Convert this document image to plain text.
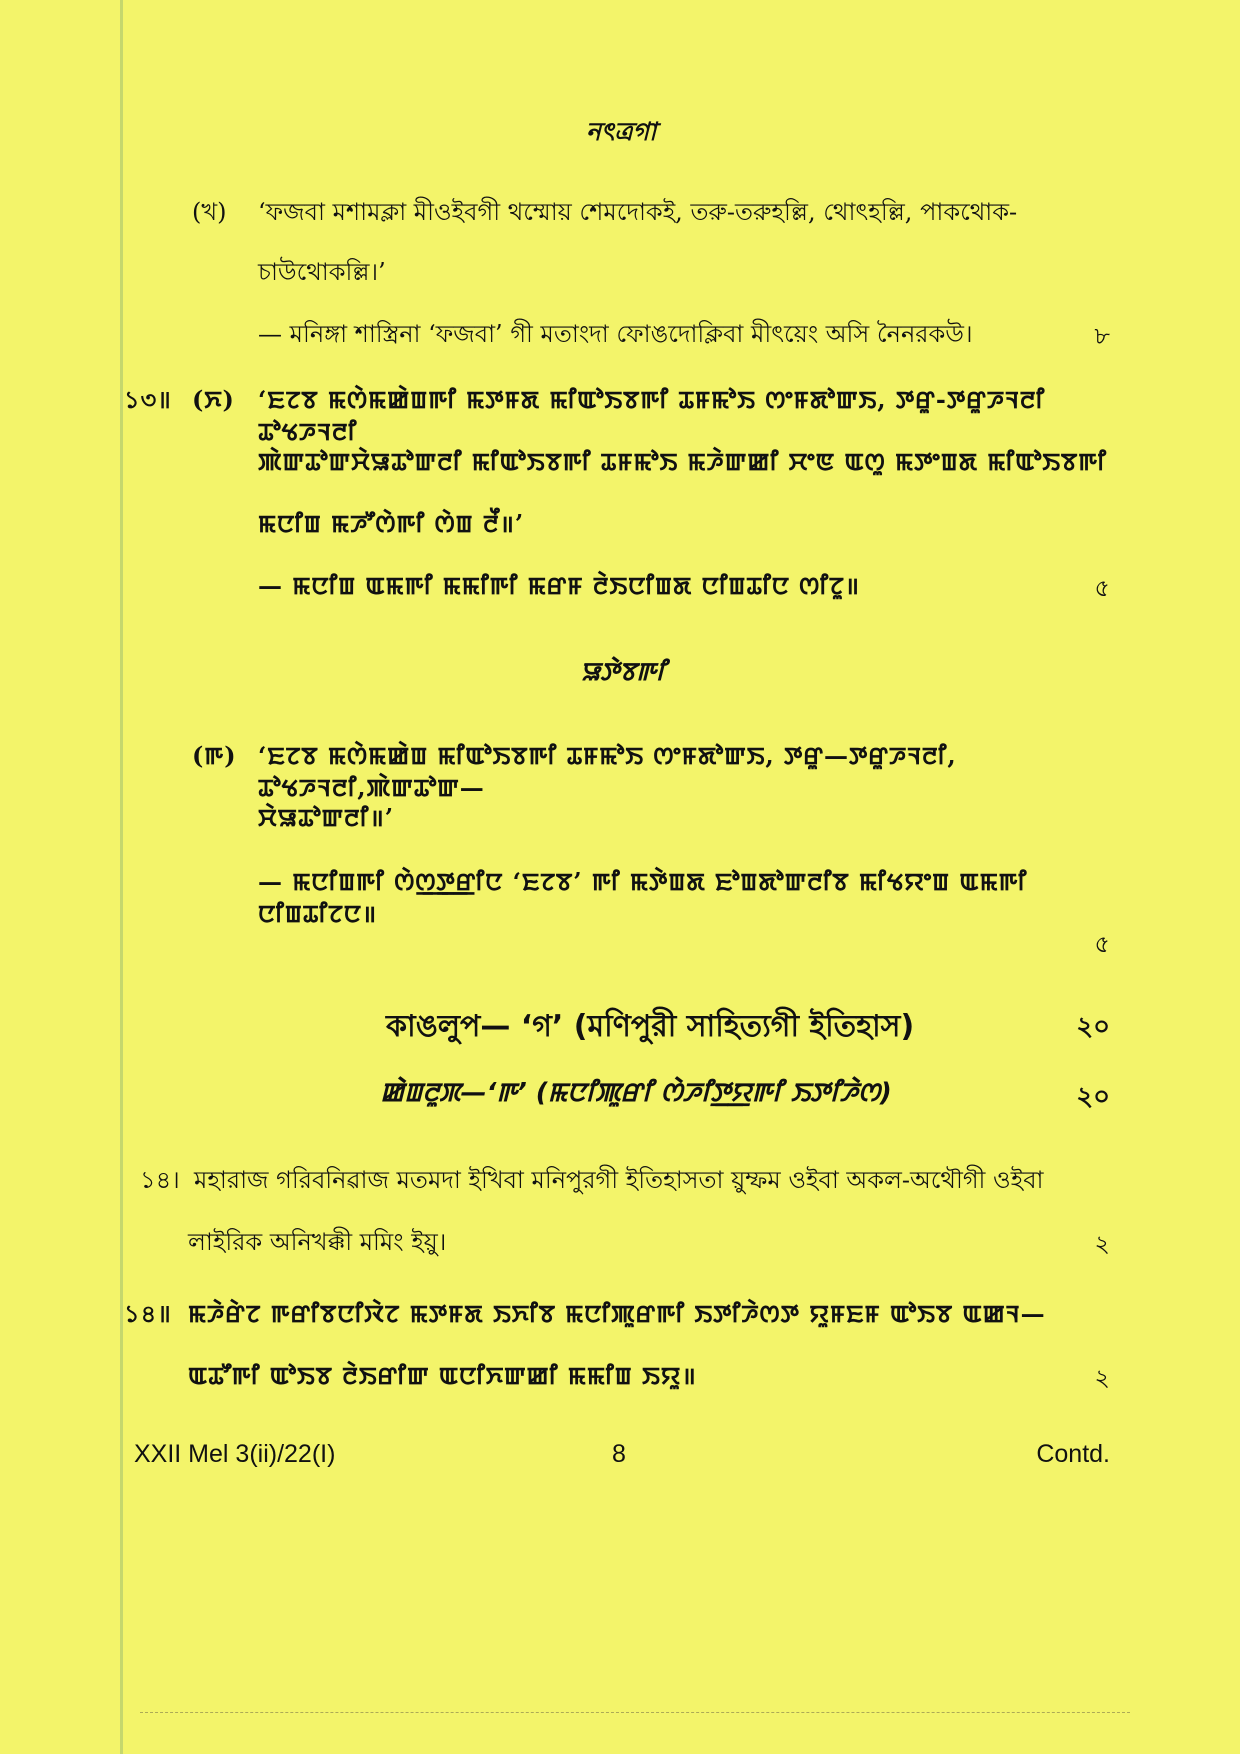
নৎত্রগা
(খ) ‘ফজবা মশামক্লা মীওইবগী থম্মোয় শেমদোকই, তরু-তরুহল্লি, থোৎহল্লি, পাকথোক-
চাউথোকল্লি।’
— মনিঙ্গা শাস্ত্রিনা ‘ফজবা’ গী মতাংদা ফোঙদোক্লিবা মীৎয়েং অসি নৈনরকউ।	৮
১৩॥ (ꯈ) ‘ꯐꯖꯕ ꯃꯁꯥꯃꯀꯥꯡꯒꯤ ꯃꯇꯝꯗ ꯃꯤꯑꯣꯏꯕꯒꯤ ꯊꯝꯃꯣꯏ ꯁꯦꯝꯗꯣꯛꯏ, ꯇꯔꯨ-ꯇꯔꯨꯍꯜꯂꯤ ꯊꯣꯠꯍꯜꯂꯤ
ꯄꯥꯛꯊꯣꯛꯆꯥꯎꯊꯣꯛꯂꯤ ꯃꯤꯑꯣꯏꯕꯒꯤ ꯊꯝꯃꯣꯏ ꯃꯍꯥꯛꯀꯤ ꯆꯦꯟ ꯑꯁꯨ ꯃꯇꯦꯡꯗ ꯃꯤꯑꯣꯏꯕꯒꯤ
ꯃꯅꯤꯡ ꯃꯍꯧꯁꯥꯒꯤ ꯁꯥꯡ ꯂꯩ॥’
— ꯃꯅꯤꯡ ꯑꯃꯒꯤ ꯃꯃꯤꯒꯤ ꯃꯔꯝ ꯂꯥꯏꯅꯤꯡꯗ ꯅꯤꯡꯊꯤꯅ ꯁꯤꯖꯨ॥	৫
ꯎꯇꯥꯕꯒꯤ
(ꯒ) ‘ꯐꯖꯕ ꯃꯁꯥꯃꯀꯥꯡ ꯃꯤꯑꯣꯏꯕꯒꯤ ꯊꯝꯃꯣꯏ ꯁꯦꯝꯗꯣꯛꯏ, ꯇꯔꯨ—ꯇꯔꯨꯍꯜꯂꯤ, ꯊꯣꯠꯍꯜꯂꯤ,ꯄꯥꯛꯊꯣꯛ—
ꯆꯥꯎꯊꯣꯛꯂꯤ॥’
— ꯃꯅꯤꯡꯒꯤ ꯁꯥꯁ꯭ꯇ꯭ꯔꯤꯅ ‘ꯐꯖꯕ’ ꯒꯤ ꯃꯇꯥꯡꯗ ꯐꯣꯡꯗꯣꯛꯂꯤꯕ ꯃꯤꯠꯌꯦꯡ ꯑꯃꯒꯤ ꯅꯤꯡꯊꯤꯖꯅ॥
৫
কাঙলুপ— ‘গ’ (মণিপুরী সাহিত্যগী ইতিহাস)	২০
ꯀꯥꯡꯂꯨꯞ—‘ꯒ’ (ꯃꯅꯤꯄꯨꯔꯤ ꯁꯥꯍꯤꯇ꯭ꯌꯒꯤ ꯏꯇꯤꯍꯥꯁ)	২০
১৪। মহারাজ গরিবনিৱাজ মতমদা ইখিবা মনিপুরগী ইতিহাসতা য়ুম্ফম ওইবা অকল-অথৌগী ওইবা
লাইরিক অনিখক্কী মমিং ইয়ু।	২
১৪॥ ꯃꯍꯥꯔꯥꯖ ꯒꯔꯤꯕꯅꯤꯋꯥꯖ ꯃꯇꯝꯗ ꯏꯈꯤꯕ ꯃꯅꯤꯄꯨꯔꯒꯤ ꯏꯇꯤꯍꯥꯁꯇ ꯌꯨꯝꯐꯝ ꯑꯣꯏꯕ ꯑꯀꯜ—
ꯑꯊꯧꯒꯤ ꯑꯣꯏꯕ ꯂꯥꯏꯔꯤꯛ ꯑꯅꯤꯈꯛꯀꯤ ꯃꯃꯤꯡ ꯏꯌꯨ॥	২
XXII Mel 3(ii)/22(I)	8	Contd.
